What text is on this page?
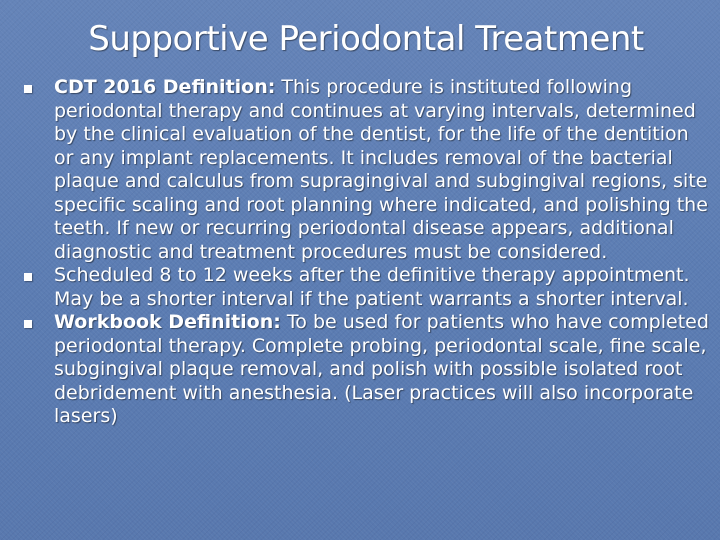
Supportive Periodontal Treatment
CDT 2016 Definition: This procedure is instituted following periodontal therapy and continues at varying intervals, determined by the clinical evaluation of the dentist, for the life of the dentition or any implant replacements. It includes removal of the bacterial plaque and calculus from supragingival and subgingival regions, site specific scaling and root planning where indicated, and polishing the teeth. If new or recurring periodontal disease appears, additional diagnostic and treatment procedures must be considered.
Scheduled 8 to 12 weeks after the definitive therapy appointment. May be a shorter interval if the patient warrants a shorter interval.
Workbook Definition: To be used for patients who have completed periodontal therapy. Complete probing, periodontal scale, fine scale, subgingival plaque removal, and polish with possible isolated root debridement with anesthesia. (Laser practices will also incorporate lasers)
